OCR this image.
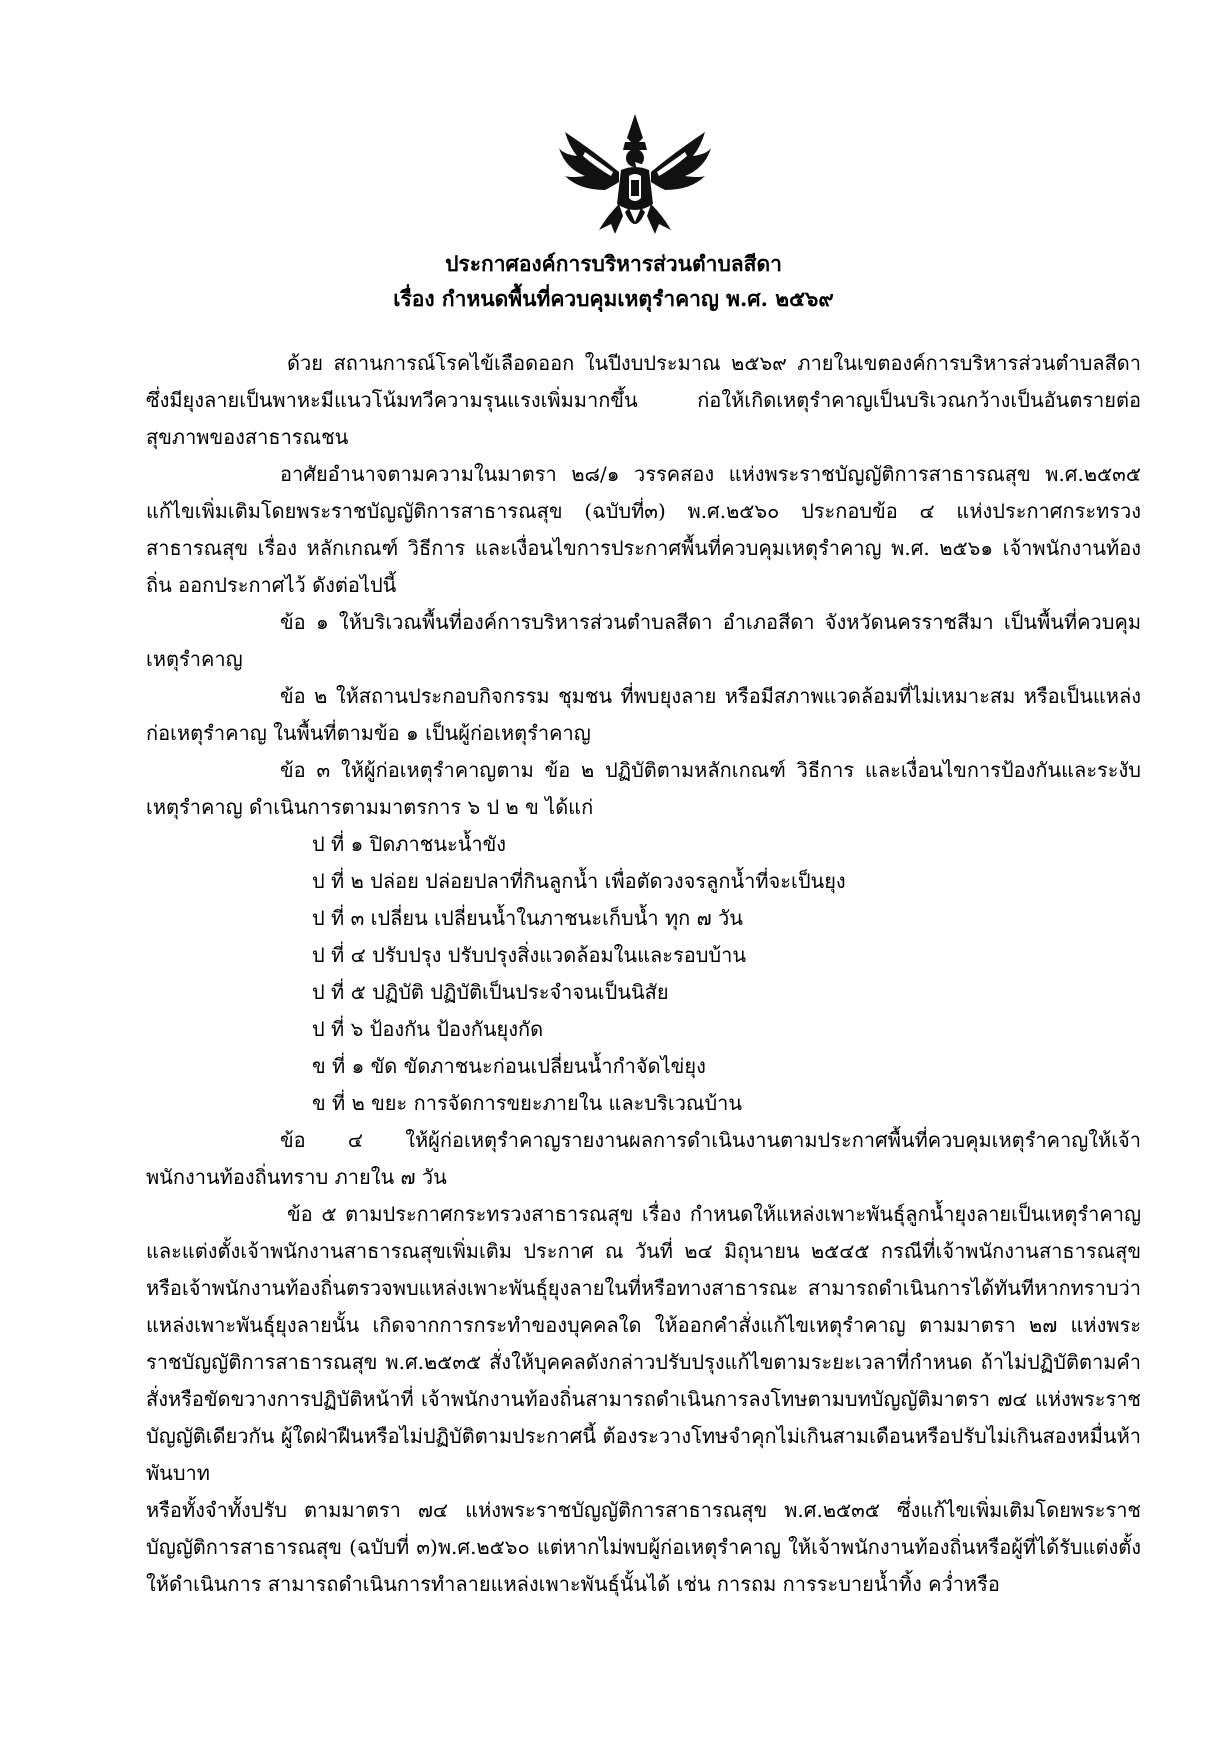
ประกาศองค์การบริหารส่วนตำบลสีดา
เรื่อง กำหนดพื้นที่ควบคุมเหตุรำคาญ พ.ศ. ๒๕๖๙

ด้วย สถานการณ์โรคไข้เลือดออก ในปีงบประมาณ ๒๕๖๙ ภายในเขตองค์การบริหารส่วนตำบลสีดา ซึ่งมียุงลายเป็นพาหะมีแนวโน้มทวีความรุนแรงเพิ่มมากขึ้น ก่อให้เกิดเหตุรำคาญเป็นบริเวณกว้างเป็นอันตรายต่อสุขภาพของสาธารณชน

อาศัยอำนาจตามความในมาตรา ๒๘/๑ วรรคสอง แห่งพระราชบัญญัติการสาธารณสุข พ.ศ.๒๕๓๕ แก้ไขเพิ่มเติมโดยพระราชบัญญัติการสาธารณสุข (ฉบับที่๓) พ.ศ.๒๕๖๐ ประกอบข้อ ๔ แห่งประกาศกระทรวงสาธารณสุข เรื่อง หลักเกณฑ์ วิธีการ และเงื่อนไขการประกาศพื้นที่ควบคุมเหตุรำคาญ พ.ศ. ๒๕๖๑ เจ้าพนักงานท้องถิ่น ออกประกาศไว้ ดังต่อไปนี้

ข้อ ๑ ให้บริเวณพื้นที่องค์การบริหารส่วนตำบลสีดา อำเภอสีดา จังหวัดนครราชสีมา เป็นพื้นที่ควบคุมเหตุรำคาญ

ข้อ ๒ ให้สถานประกอบกิจกรรม ชุมชน ที่พบยุงลาย หรือมีสภาพแวดล้อมที่ไม่เหมาะสม หรือเป็นแหล่งก่อเหตุรำคาญ ในพื้นที่ตามข้อ ๑ เป็นผู้ก่อเหตุรำคาญ

ข้อ ๓ ให้ผู้ก่อเหตุรำคาญตาม ข้อ ๒ ปฏิบัติตามหลักเกณฑ์ วิธีการ และเงื่อนไขการป้องกันและระงับเหตุรำคาญ ดำเนินการตามมาตรการ ๖ ป ๒ ข ได้แก่

ป ที่ ๑ ปิดภาชนะน้ำขัง
ป ที่ ๒ ปล่อย ปล่อยปลาที่กินลูกน้ำ เพื่อตัดวงจรลูกน้ำที่จะเป็นยุง
ป ที่ ๓ เปลี่ยน เปลี่ยนน้ำในภาชนะเก็บน้ำ ทุก ๗ วัน
ป ที่ ๔ ปรับปรุง ปรับปรุงสิ่งแวดล้อมในและรอบบ้าน
ป ที่ ๕ ปฏิบัติ ปฏิบัติเป็นประจำจนเป็นนิสัย
ป ที่ ๖ ป้องกัน ป้องกันยุงกัด
ข ที่ ๑ ขัด ขัดภาชนะก่อนเปลี่ยนน้ำกำจัดไข่ยุง
ข ที่ ๒ ขยะ การจัดการขยะภายใน และบริเวณบ้าน

ข้อ ๔ ให้ผู้ก่อเหตุรำคาญรายงานผลการดำเนินงานตามประกาศพื้นที่ควบคุมเหตุรำคาญให้เจ้าพนักงานท้องถิ่นทราบ ภายใน ๗ วัน

ข้อ ๕ ตามประกาศกระทรวงสาธารณสุข เรื่อง กำหนดให้แหล่งเพาะพันธุ์ลูกน้ำยุงลายเป็นเหตุรำคาญ และแต่งตั้งเจ้าพนักงานสาธารณสุขเพิ่มเติม ประกาศ ณ วันที่ ๒๔ มิถุนายน ๒๕๔๕ กรณีที่เจ้าพนักงานสาธารณสุข หรือเจ้าพนักงานท้องถิ่นตรวจพบแหล่งเพาะพันธุ์ยุงลายในที่หรือทางสาธารณะ สามารถดำเนินการได้ทันทีหากทราบว่าแหล่งเพาะพันธุ์ยุงลายนั้น เกิดจากการกระทำของบุคคลใด ให้ออกคำสั่งแก้ไขเหตุรำคาญ ตามมาตรา ๒๗ แห่งพระราชบัญญัติการสาธารณสุข พ.ศ.๒๕๓๕ สั่งให้บุคคลดังกล่าวปรับปรุงแก้ไขตามระยะเวลาที่กำหนด ถ้าไม่ปฏิบัติตามคำสั่งหรือขัดขวางการปฏิบัติหน้าที่ เจ้าพนักงานท้องถิ่นสามารถดำเนินการลงโทษตามบทบัญญัติมาตรา ๗๔ แห่งพระราชบัญญัติเดียวกัน ผู้ใดฝ่าฝืนหรือไม่ปฏิบัติตามประกาศนี้ ต้องระวางโทษจำคุกไม่เกินสามเดือนหรือปรับไม่เกินสองหมื่นห้าพันบาท

หรือทั้งจำทั้งปรับ ตามมาตรา ๗๔ แห่งพระราชบัญญัติการสาธารณสุข พ.ศ.๒๕๓๕ ซึ่งแก้ไขเพิ่มเติมโดยพระราชบัญญัติการสาธารณสุข (ฉบับที่ ๓)พ.ศ.๒๕๖๐ แต่หากไม่พบผู้ก่อเหตุรำคาญ ให้เจ้าพนักงานท้องถิ่นหรือผู้ที่ได้รับแต่งตั้งให้ดำเนินการ สามารถดำเนินการทำลายแหล่งเพาะพันธุ์นั้นได้ เช่น การถม การระบายน้ำทิ้ง คว่ำหรือ
